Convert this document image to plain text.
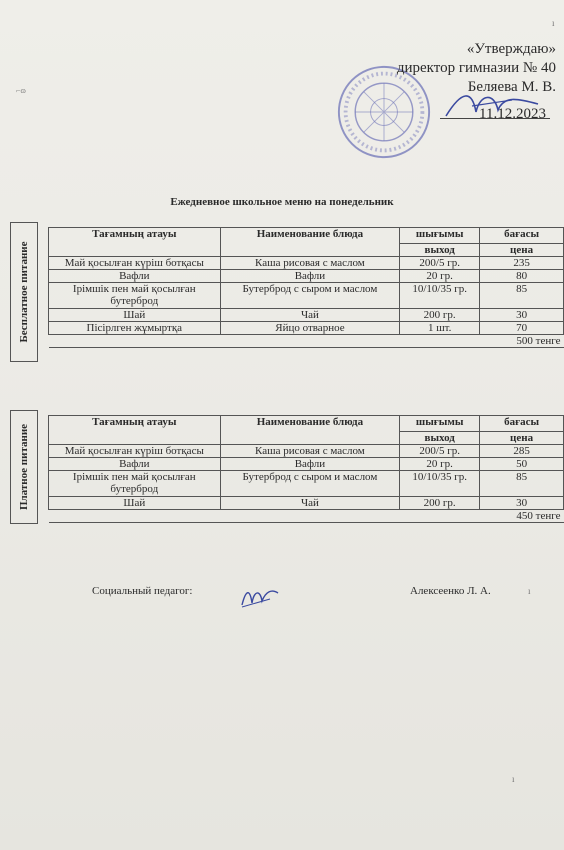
⌐ɷ
«Утверждаю»
директор гимназии № 40
Беляева М. В.
11.12.2023
Ежедневное школьное меню на понедельник
Бесплатное питание
Тағамның атауы	Наименование блюда	шығымы	бағасы
		выход	цена
Май қосылған күріш ботқасы	Каша рисовая с маслом	200/5 гр.	235
Вафли	Вафли	20 гр.	80
Ірімшік пен май қосылған бутерброд	Бутерброд с сыром и маслом	10/10/35 гр.	85
Шай	Чай	200 гр.	30
Пісірлген жұмыртқа	Яйцо отварное	1 шт.	70
500 тенге			
Платное питание
Тағамның атауы	Наименование блюда	шығымы	бағасы
		выход	цена
Май қосылған күріш ботқасы	Каша рисовая с маслом	200/5 гр.	285
Вафли	Вафли	20 гр.	50
Ірімшік пен май қосылған бутерброд	Бутерброд с сыром и маслом	10/10/35 гр.	85
Шай	Чай	200 гр.	30
450 тенге			
Социальный педагог:	Алексеенко Л. А.
ı
ı
ı
